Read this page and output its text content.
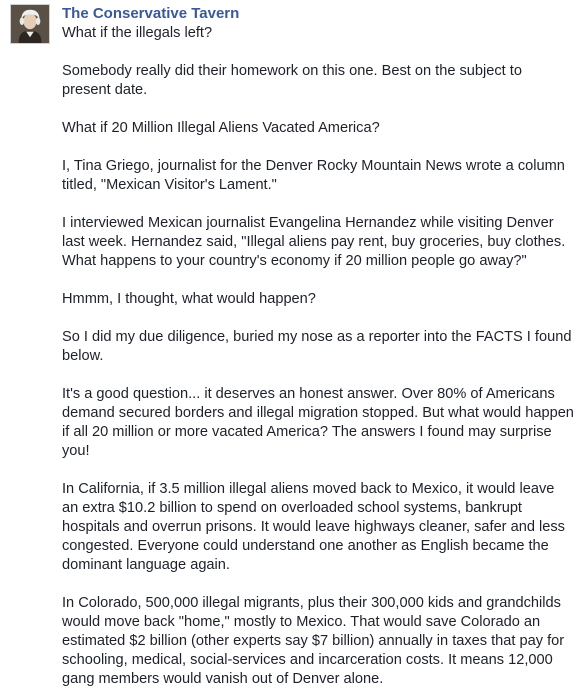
The Conservative Tavern

What if the illegals left?

Somebody really did their homework on this one. Best on the subject to present date.

What if 20 Million Illegal Aliens Vacated America?

I, Tina Griego, journalist for the Denver Rocky Mountain News wrote a column titled, "Mexican Visitor's Lament."

I interviewed Mexican journalist Evangelina Hernandez while visiting Denver last week. Hernandez said, "Illegal aliens pay rent, buy groceries, buy clothes. What happens to your country's economy if 20 million people go away?"

Hmmm, I thought, what would happen?

So I did my due diligence, buried my nose as a reporter into the FACTS I found below.

It's a good question... it deserves an honest answer. Over 80% of Americans demand secured borders and illegal migration stopped. But what would happen if all 20 million or more vacated America? The answers I found may surprise you!

In California, if 3.5 million illegal aliens moved back to Mexico, it would leave an extra $10.2 billion to spend on overloaded school systems, bankrupt hospitals and overrun prisons. It would leave highways cleaner, safer and less congested. Everyone could understand one another as English became the dominant language again.

In Colorado, 500,000 illegal migrants, plus their 300,000 kids and grandchilds would move back "home," mostly to Mexico. That would save Colorado an estimated $2 billion (other experts say $7 billion) annually in taxes that pay for schooling, medical, social-services and incarceration costs. It means 12,000 gang members would vanish out of Denver alone.
